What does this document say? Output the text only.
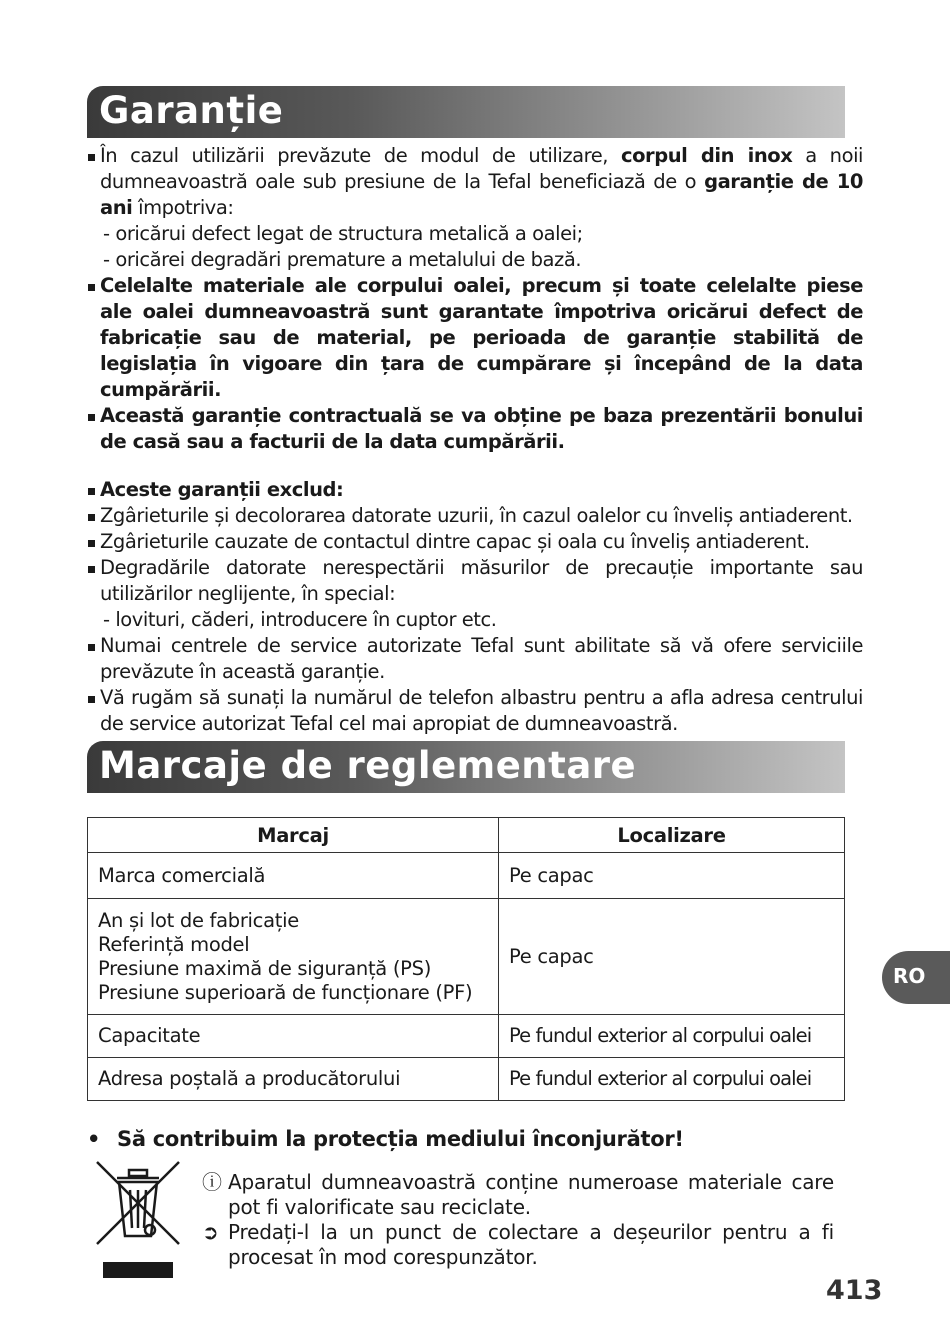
Garanție
În cazul utilizării prevăzute de modul de utilizare, corpul din inox a noii dumneavoastră oale sub presiune de la Tefal beneficiază de o garanție de 10 ani împotriva:
- oricărui defect legat de structura metalică a oalei;
- oricărei degradări premature a metalului de bază.
Celelalte materiale ale corpului oalei, precum și toate celelalte piese ale oalei dumneavoastră sunt garantate împotriva oricărui defect de fabricație sau de material, pe perioada de garanție stabilită de legislația în vigoare din țara de cumpărare și începând de la data cumpărării.
Această garanție contractuală se va obține pe baza prezentării bonului de casă sau a facturii de la data cumpărării.
Aceste garanții exclud:
Zgârieturile și decolorarea datorate uzurii, în cazul oalelor cu înveliș antiaderent.
Zgârieturile cauzate de contactul dintre capac și oala cu înveliș antiaderent.
Degradările datorate nerespectării măsurilor de precauție importante sau utilizărilor neglijente, în special:
- lovituri, căderi, introducere în cuptor etc.
Numai centrele de service autorizate Tefal sunt abilitate să vă ofere serviciile prevăzute în această garanție.
Vă rugăm să sunați la numărul de telefon albastru pentru a afla adresa centrului de service autorizat Tefal cel mai apropiat de dumneavoastră.
Marcaje de reglementare
Marcaj	Localizare
Marca comercială	Pe capac

An și lot de fabricație
Referință model
Presiune maximă de siguranță (PS)
Presiune superioară de funcționare (PF)	Pe capac
Capacitate	Pe fundul exterior al corpului oalei
Adresa poștală a producătorului	Pe fundul exterior al corpului oalei
RO
• Să contribuim la protecția mediului înconjurător!
ⓘ Aparatul dumneavoastră conține numeroase materiale care pot fi valorificate sau reciclate.
➲ Predați-l la un punct de colectare a deșeurilor pentru a fi procesat în mod corespunzător.
413
